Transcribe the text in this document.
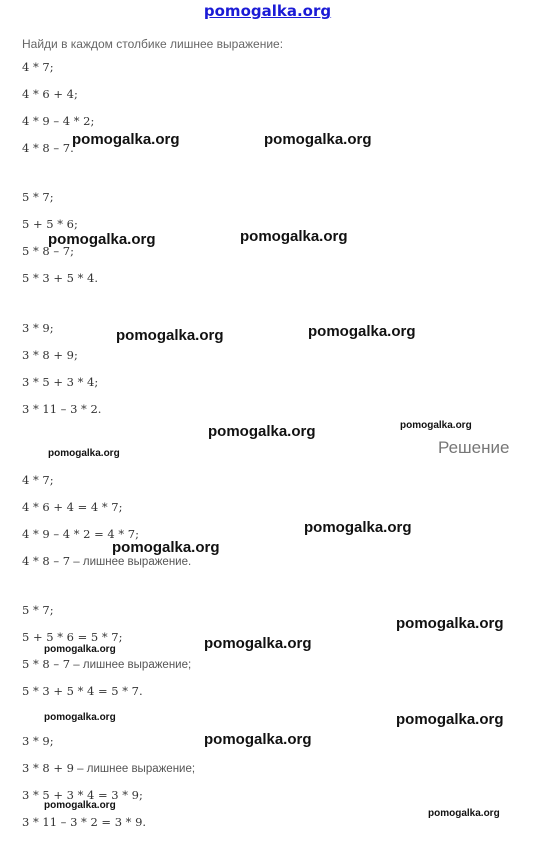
pomogalka.org
Найди в каждом столбике лишнее выражение:
4 * 7;
4 * 6 + 4;
4 * 9 – 4 * 2;
4 * 8 – 7.
5 * 7;
5 + 5 * 6;
5 * 8 – 7;
5 * 3 + 5 * 4.
3 * 9;
3 * 8 + 9;
3 * 5 + 3 * 4;
3 * 11 – 3 * 2.
Решение
4 * 7;
4 * 6 + 4 = 4 * 7;
4 * 9 – 4 * 2 = 4 * 7;
4 * 8 – 7 – лишнее выражение.
5 * 7;
5 + 5 * 6 = 5 * 7;
5 * 8 – 7 – лишнее выражение;
5 * 3 + 5 * 4 = 5 * 7.
3 * 9;
3 * 8 + 9 – лишнее выражение;
3 * 5 + 3 * 4 = 3 * 9;
3 * 11 – 3 * 2 = 3 * 9.
pomogalka.org	pomogalka.org
pomogalka.org	pomogalka.org
pomogalka.org	pomogalka.org
pomogalka.org	pomogalka.org
pomogalka.org
pomogalka.org
pomogalka.org
pomogalka.org
pomogalka.org
pomogalka.org
pomogalka.org	pomogalka.org
pomogalka.org
pomogalka.org
pomogalka.org
